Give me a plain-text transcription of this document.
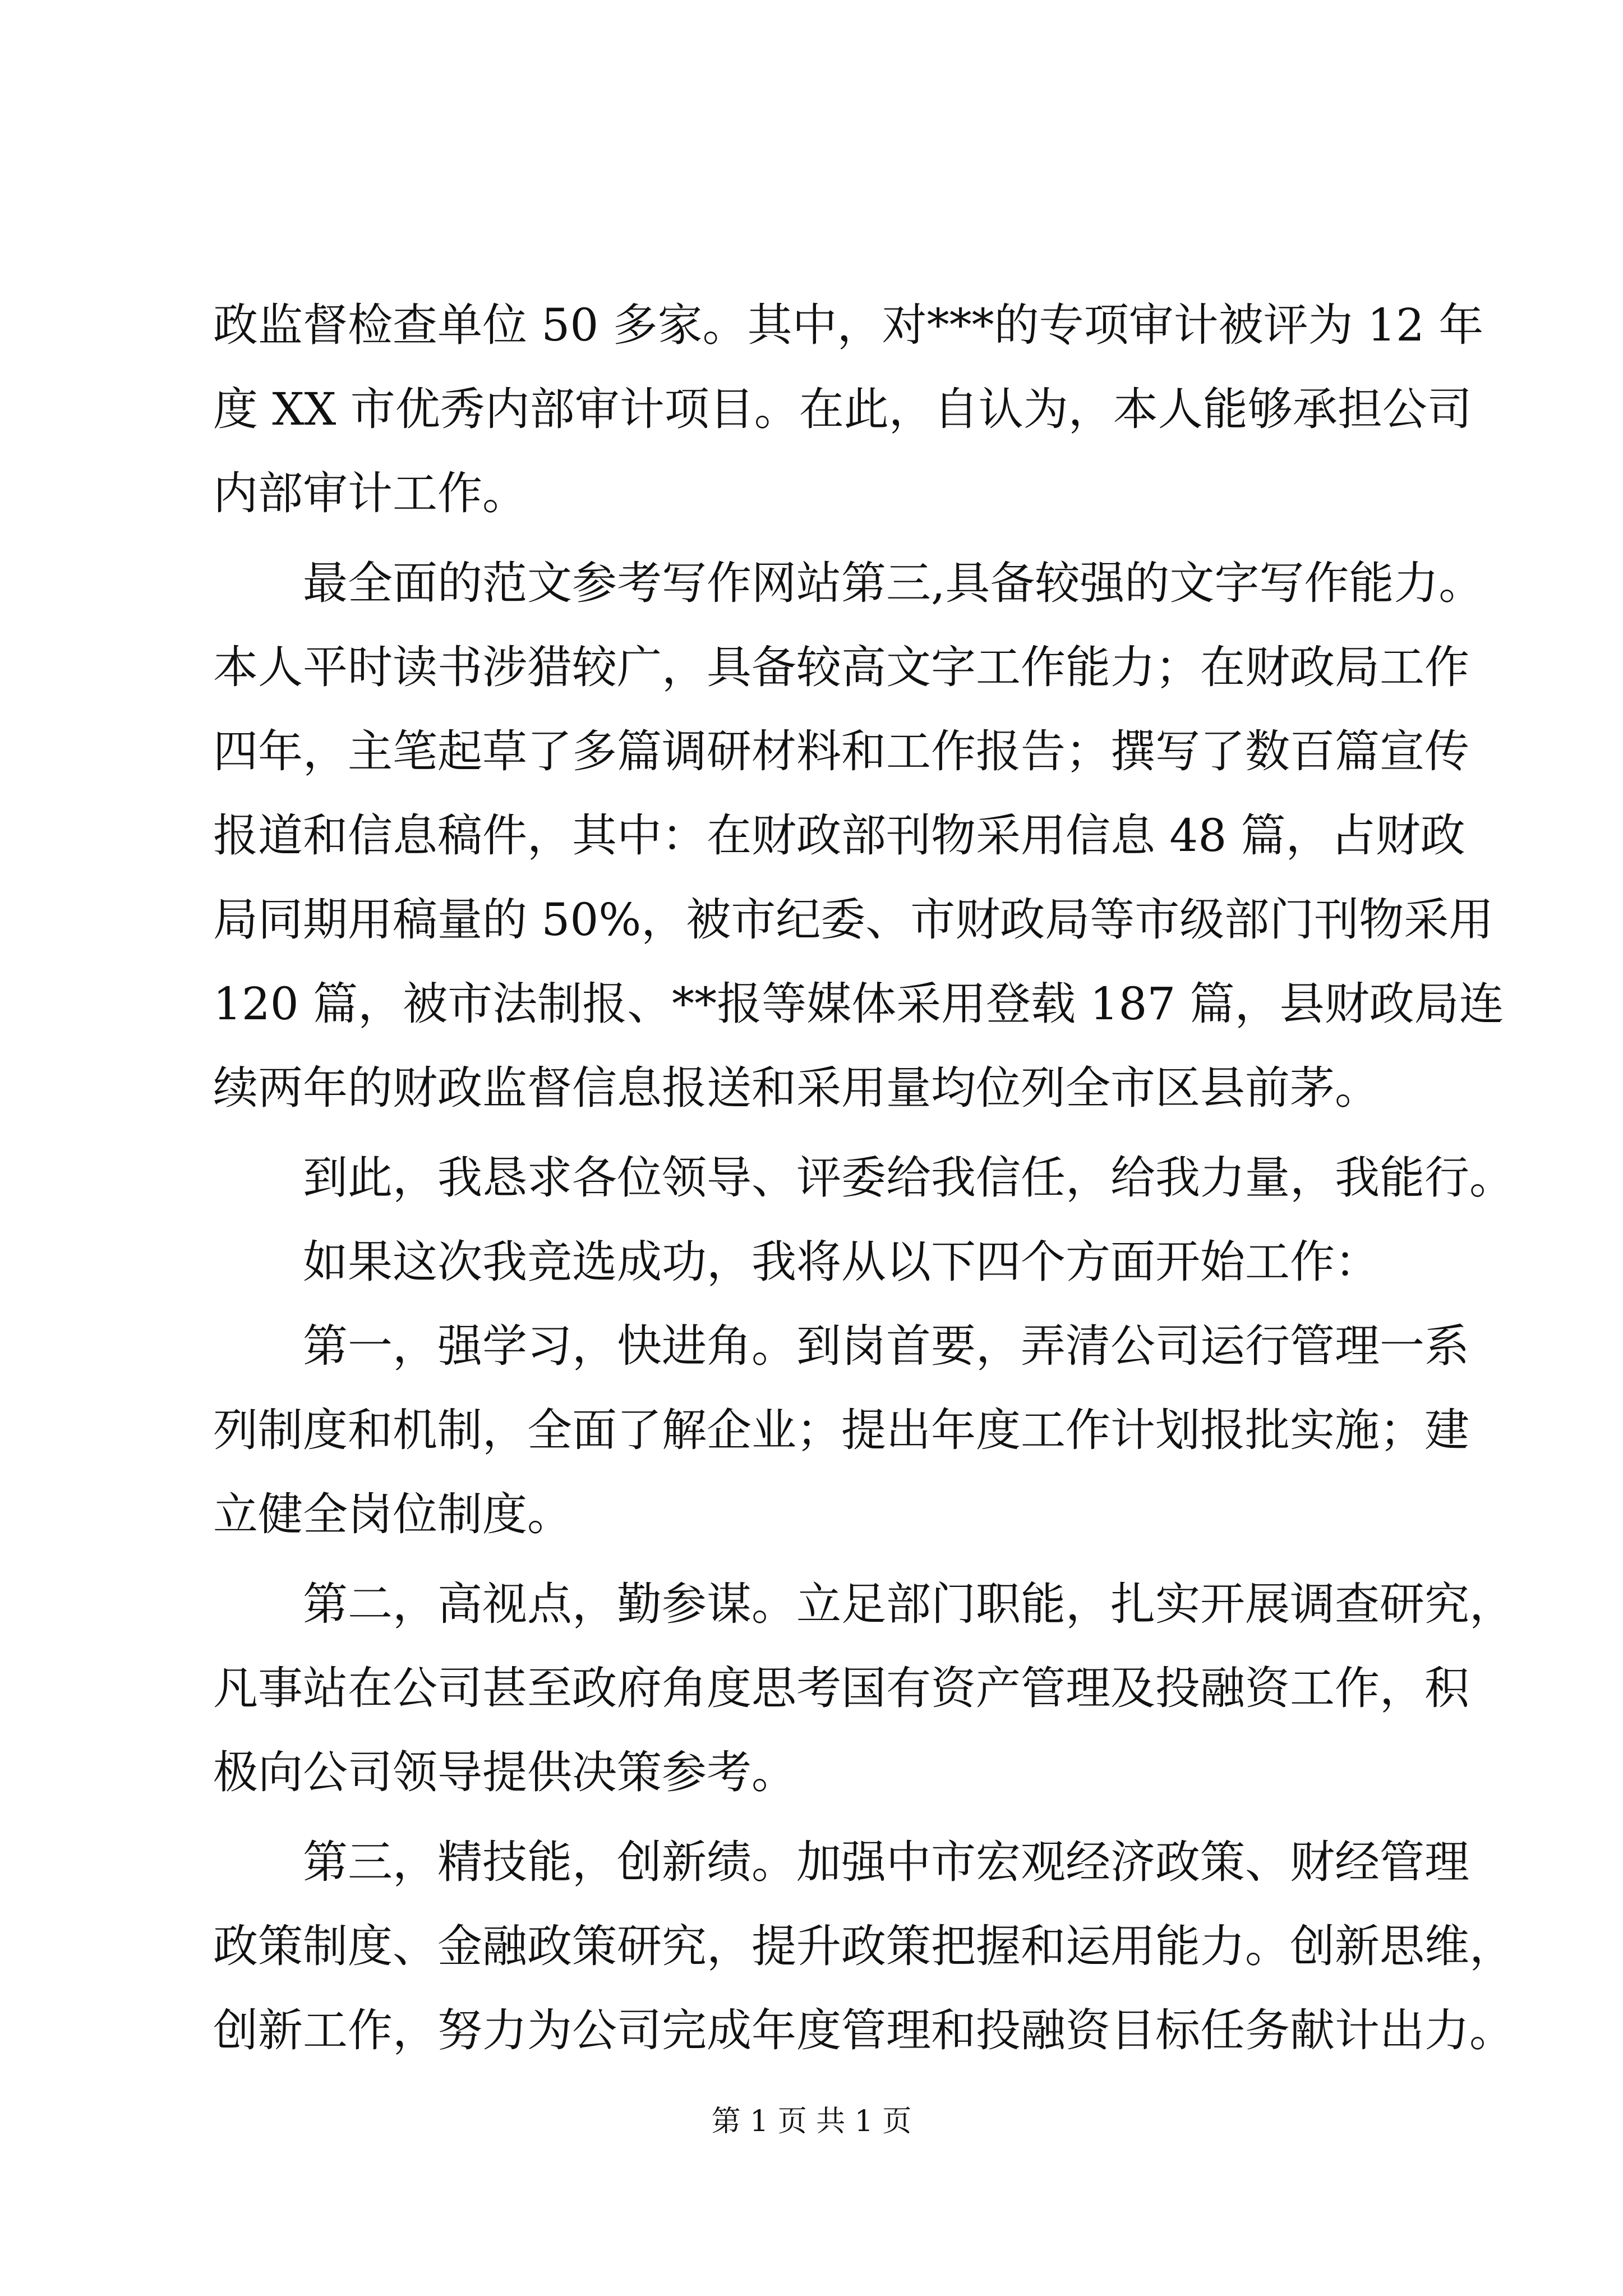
政监督检查单位 50 多家。其中，对***的专项审计被评为 12 年
度 XX 市优秀内部审计项目。在此，自认为，本人能够承担公司
内部审计工作。
最全面的范文参考写作网站第三,具备较强的文字写作能力。
本人平时读书涉猎较广，具备较高文字工作能力；在财政局工作
四年，主笔起草了多篇调研材料和工作报告；撰写了数百篇宣传
报道和信息稿件，其中：在财政部刊物采用信息 48 篇，占财政
局同期用稿量的 50%，被市纪委、市财政局等市级部门刊物采用
120 篇，被市法制报、**报等媒体采用登载 187 篇，县财政局连
续两年的财政监督信息报送和采用量均位列全市区县前茅。
到此，我恳求各位领导、评委给我信任，给我力量，我能行。
如果这次我竞选成功，我将从以下四个方面开始工作：
第一，强学习，快进角。到岗首要，弄清公司运行管理一系
列制度和机制，全面了解企业；提出年度工作计划报批实施；建
立健全岗位制度。
第二，高视点，勤参谋。立足部门职能，扎实开展调查研究，
凡事站在公司甚至政府角度思考国有资产管理及投融资工作，积
极向公司领导提供决策参考。
第三，精技能，创新绩。加强中市宏观经济政策、财经管理
政策制度、金融政策研究，提升政策把握和运用能力。创新思维，
创新工作，努力为公司完成年度管理和投融资目标任务献计出力。
第 1 页 共 1 页
